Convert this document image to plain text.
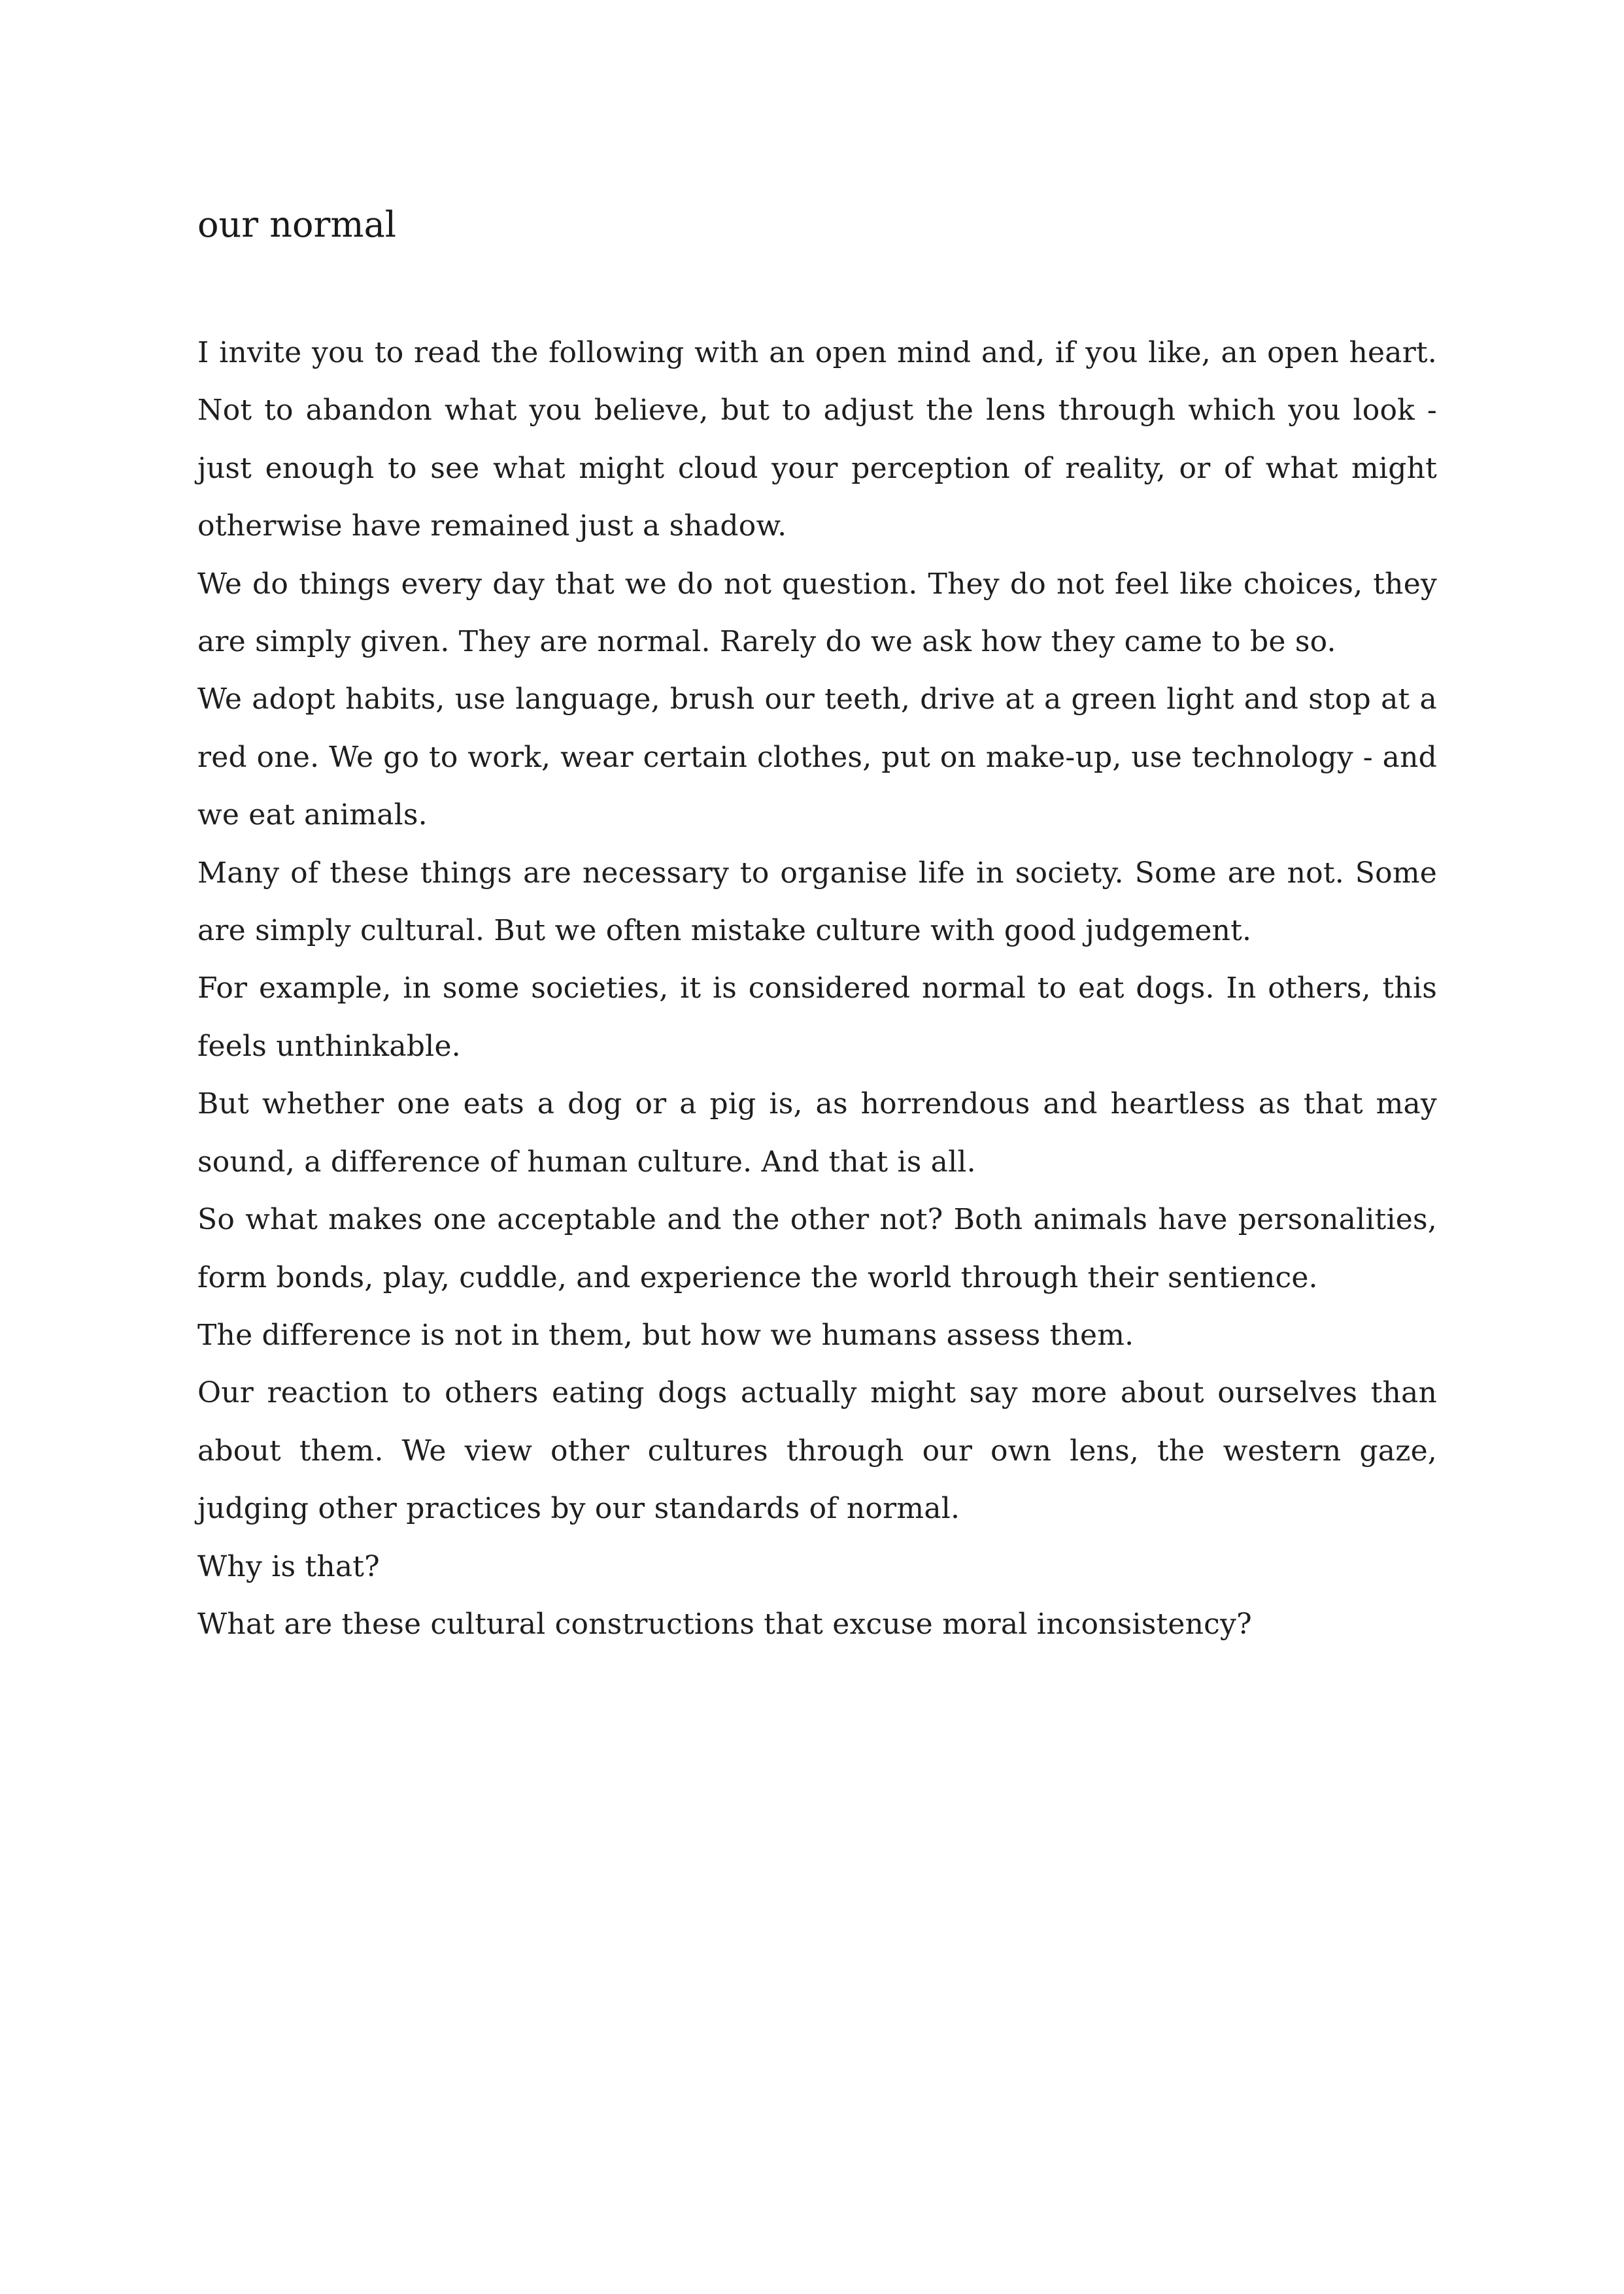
our normal

I invite you to read the following with an open mind and, if you like, an open heart. Not to abandon what you believe, but to adjust the lens through which you look - just enough to see what might cloud your perception of reality, or of what might otherwise have remained just a shadow.

We do things every day that we do not question. They do not feel like choices, they are simply given. They are normal. Rarely do we ask how they came to be so.

We adopt habits, use language, brush our teeth, drive at a green light and stop at a red one. We go to work, wear certain clothes, put on make-up, use technology - and we eat animals.

Many of these things are necessary to organise life in society. Some are not. Some are simply cultural. But we often mistake culture with good judgement.

For example, in some societies, it is considered normal to eat dogs. In others, this feels unthinkable.

But whether one eats a dog or a pig is, as horrendous and heartless as that may sound, a difference of human culture. And that is all.

So what makes one acceptable and the other not? Both animals have personalities, form bonds, play, cuddle, and experience the world through their sentience.

The difference is not in them, but how we humans assess them.

Our reaction to others eating dogs actually might say more about ourselves than about them. We view other cultures through our own lens, the western gaze, judging other practices by our standards of normal.

Why is that?

What are these cultural constructions that excuse moral inconsistency?
